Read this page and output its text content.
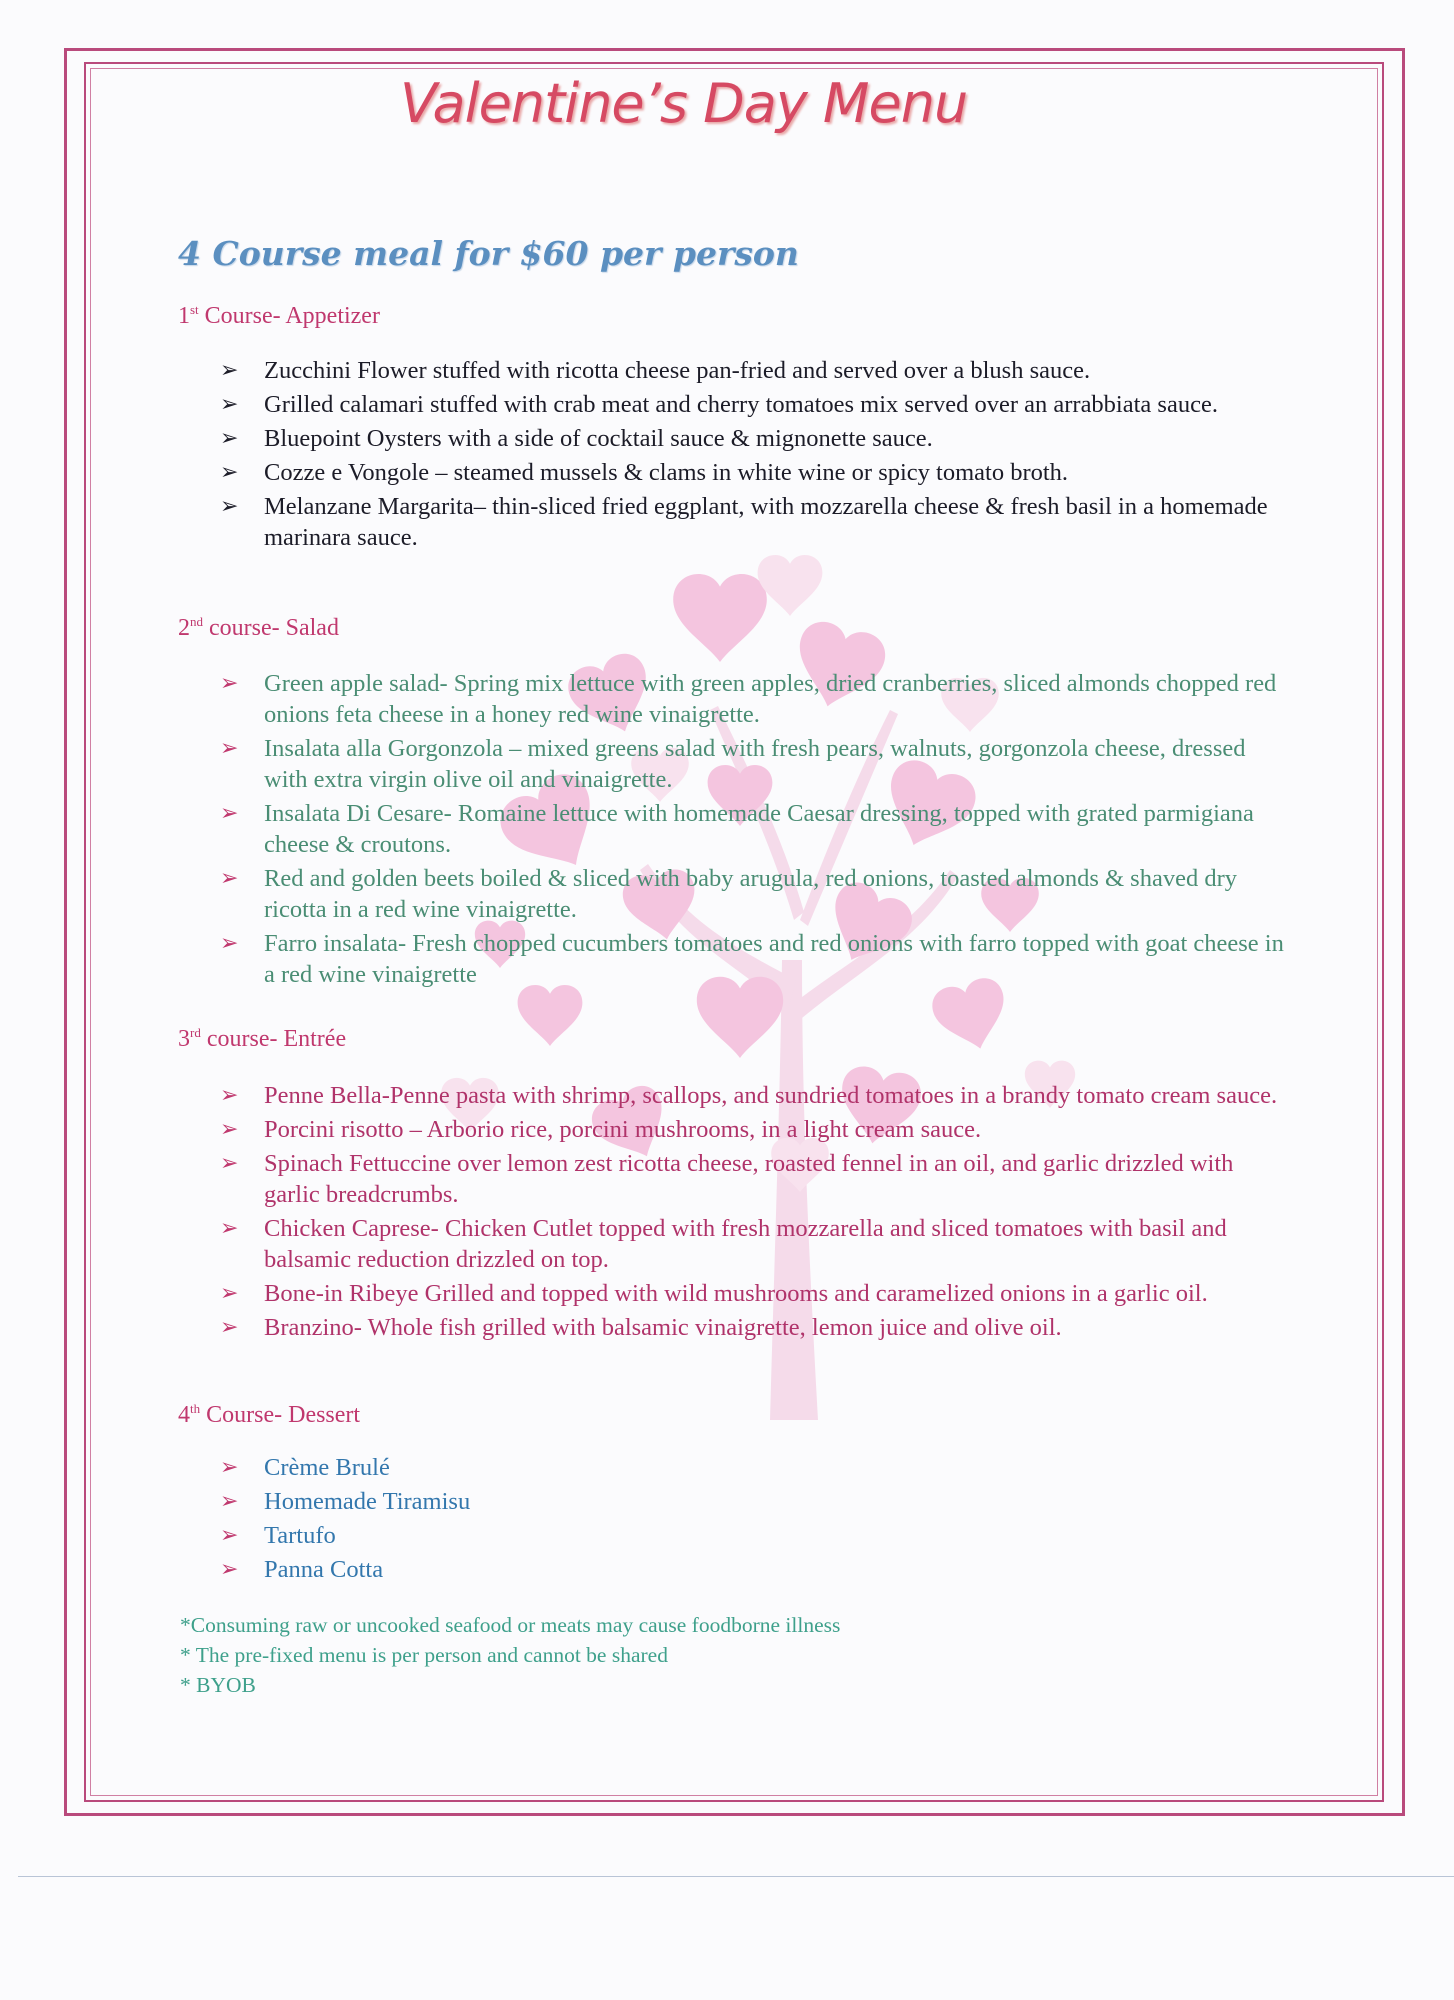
Valentine’s Day Menu
4 Course meal for $60 per person
1st Course- Appetizer
➢ Zucchini Flower stuffed with ricotta cheese pan-fried and served over a blush sauce.
➢ Grilled calamari stuffed with crab meat and cherry tomatoes mix served over an arrabbiata sauce.
➢ Bluepoint Oysters with a side of cocktail sauce & mignonette sauce.
➢ Cozze e Vongole – steamed mussels & clams in white wine or spicy tomato broth.
➢ Melanzane Margarita– thin-sliced fried eggplant, with mozzarella cheese & fresh basil in a homemade marinara sauce.
2nd course- Salad
➢ Green apple salad- Spring mix lettuce with green apples, dried cranberries, sliced almonds chopped red onions feta cheese in a honey red wine vinaigrette.
➢ Insalata alla Gorgonzola – mixed greens salad with fresh pears, walnuts, gorgonzola cheese, dressed with extra virgin olive oil and vinaigrette.
➢ Insalata Di Cesare- Romaine lettuce with homemade Caesar dressing, topped with grated parmigiana cheese & croutons.
➢ Red and golden beets boiled & sliced with baby arugula, red onions, toasted almonds & shaved dry ricotta in a red wine vinaigrette.
➢ Farro insalata- Fresh chopped cucumbers tomatoes and red onions with farro topped with goat cheese in a red wine vinaigrette
3rd course- Entrée
➢ Penne Bella-Penne pasta with shrimp, scallops, and sundried tomatoes in a brandy tomato cream sauce.
➢ Porcini risotto – Arborio rice, porcini mushrooms, in a light cream sauce.
➢ Spinach Fettuccine over lemon zest ricotta cheese, roasted fennel in an oil, and garlic drizzled with garlic breadcrumbs.
➢ Chicken Caprese- Chicken Cutlet topped with fresh mozzarella and sliced tomatoes with basil and balsamic reduction drizzled on top.
➢ Bone-in Ribeye Grilled and topped with wild mushrooms and caramelized onions in a garlic oil.
➢ Branzino- Whole fish grilled with balsamic vinaigrette, lemon juice and olive oil.
4th Course- Dessert
➢ Crème Brulé
➢ Homemade Tiramisu
➢ Tartufo
➢ Panna Cotta
*Consuming raw or uncooked seafood or meats may cause foodborne illness
* The pre-fixed menu is per person and cannot be shared
* BYOB
